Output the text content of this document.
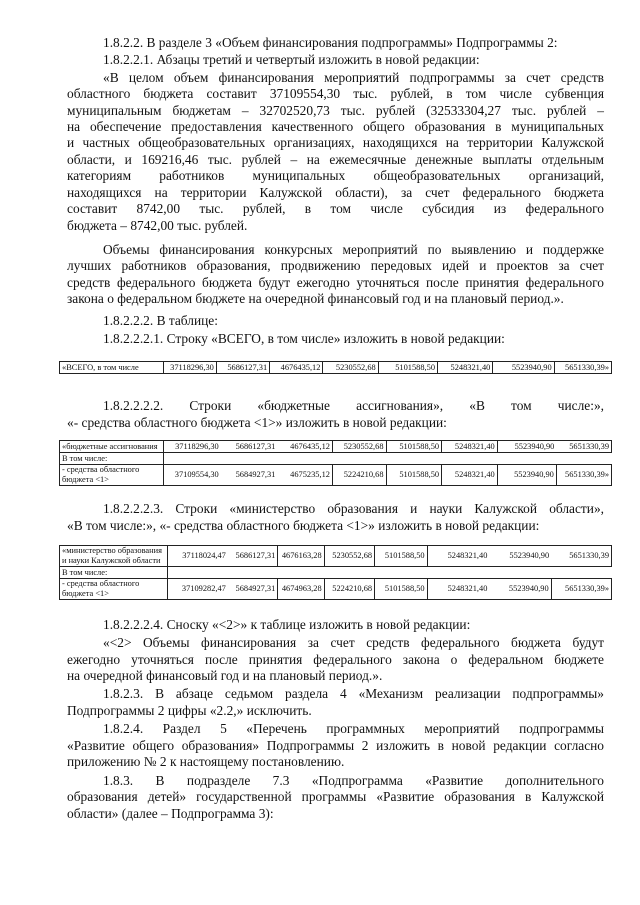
1.8.2.2. В разделе 3 «Объем финансирования подпрограммы» Подпрограммы 2:
1.8.2.2.1. Абзацы третий и четвертый изложить в новой редакции:
«В целом объем финансирования мероприятий подпрограммы за счет средств
областного бюджета составит 37109554,30 тыс. рублей, в том числе субвенция
муниципальным бюджетам – 32702520,73 тыс. рублей (32533304,27 тыс. рублей –
на обеспечение предоставления качественного общего образования в муниципальных
и частных общеобразовательных организациях, находящихся на территории Калужской
области, и 169216,46 тыс. рублей – на ежемесячные денежные выплаты отдельным
категориям работников муниципальных общеобразовательных организаций,
находящихся на территории Калужской области), за счет федерального бюджета
составит 8742,00 тыс. рублей, в том числе субсидия из федерального
бюджета – 8742,00 тыс. рублей.
Объемы финансирования конкурсных мероприятий по выявлению и поддержке
лучших работников образования, продвижению передовых идей и проектов за счет
средств федерального бюджета будут ежегодно уточняться после принятия федерального
закона о федеральном бюджете на очередной финансовый год и на плановый период.».
1.8.2.2.2. В таблице:
1.8.2.2.2.1. Строку «ВСЕГО, в том числе» изложить в новой редакции:
«ВСЕГО, в том числе	37118296,30	5686127,31	4676435,12	5230552,68	5101588,50	5248321,40	5523940,90	5651330,39»
1.8.2.2.2.2. Строки «бюджетные ассигнования», «В том числе:»,
«- средства областного бюджета <1>» изложить в новой редакции:
«бюджетные ассигнования	37118296,30	5686127,31	4676435,12	5230552,68	5101588,50	5248321,40	5523940,90	5651330,39
В том числе:								
- средства областного бюджета <1>	37109554,30	5684927,31	4675235,12	5224210,68	5101588,50	5248321,40	5523940,90	5651330,39»
1.8.2.2.2.3. Строки «министерство образования и науки Калужской области»,
«В том числе:», «- средства областного бюджета <1>» изложить в новой редакции:
«министерство образования и науки Калужской области	37118024,47	5686127,31	4676163,28	5230552,68	5101588,50	5248321,40	5523940,90	5651330,39
В том числе:								
- средства областного бюджета <1>	37109282,47	5684927,31	4674963,28	5224210,68	5101588,50	5248321,40	5523940,90	5651330,39»
1.8.2.2.2.4. Сноску «<2>» к таблице изложить в новой редакции:
«<2> Объемы финансирования за счет средств федерального бюджета будут
ежегодно уточняться после принятия федерального закона о федеральном бюджете
на очередной финансовый год и на плановый период.».
1.8.2.3. В абзаце седьмом раздела 4 «Механизм реализации подпрограммы»
Подпрограммы 2 цифры «2.2,» исключить.
1.8.2.4. Раздел 5 «Перечень программных мероприятий подпрограммы
«Развитие общего образования» Подпрограммы 2 изложить в новой редакции согласно
приложению № 2 к настоящему постановлению.
1.8.3. В подразделе 7.3 «Подпрограмма «Развитие дополнительного
образования детей» государственной программы «Развитие образования в Калужской
области» (далее – Подпрограмма 3):
